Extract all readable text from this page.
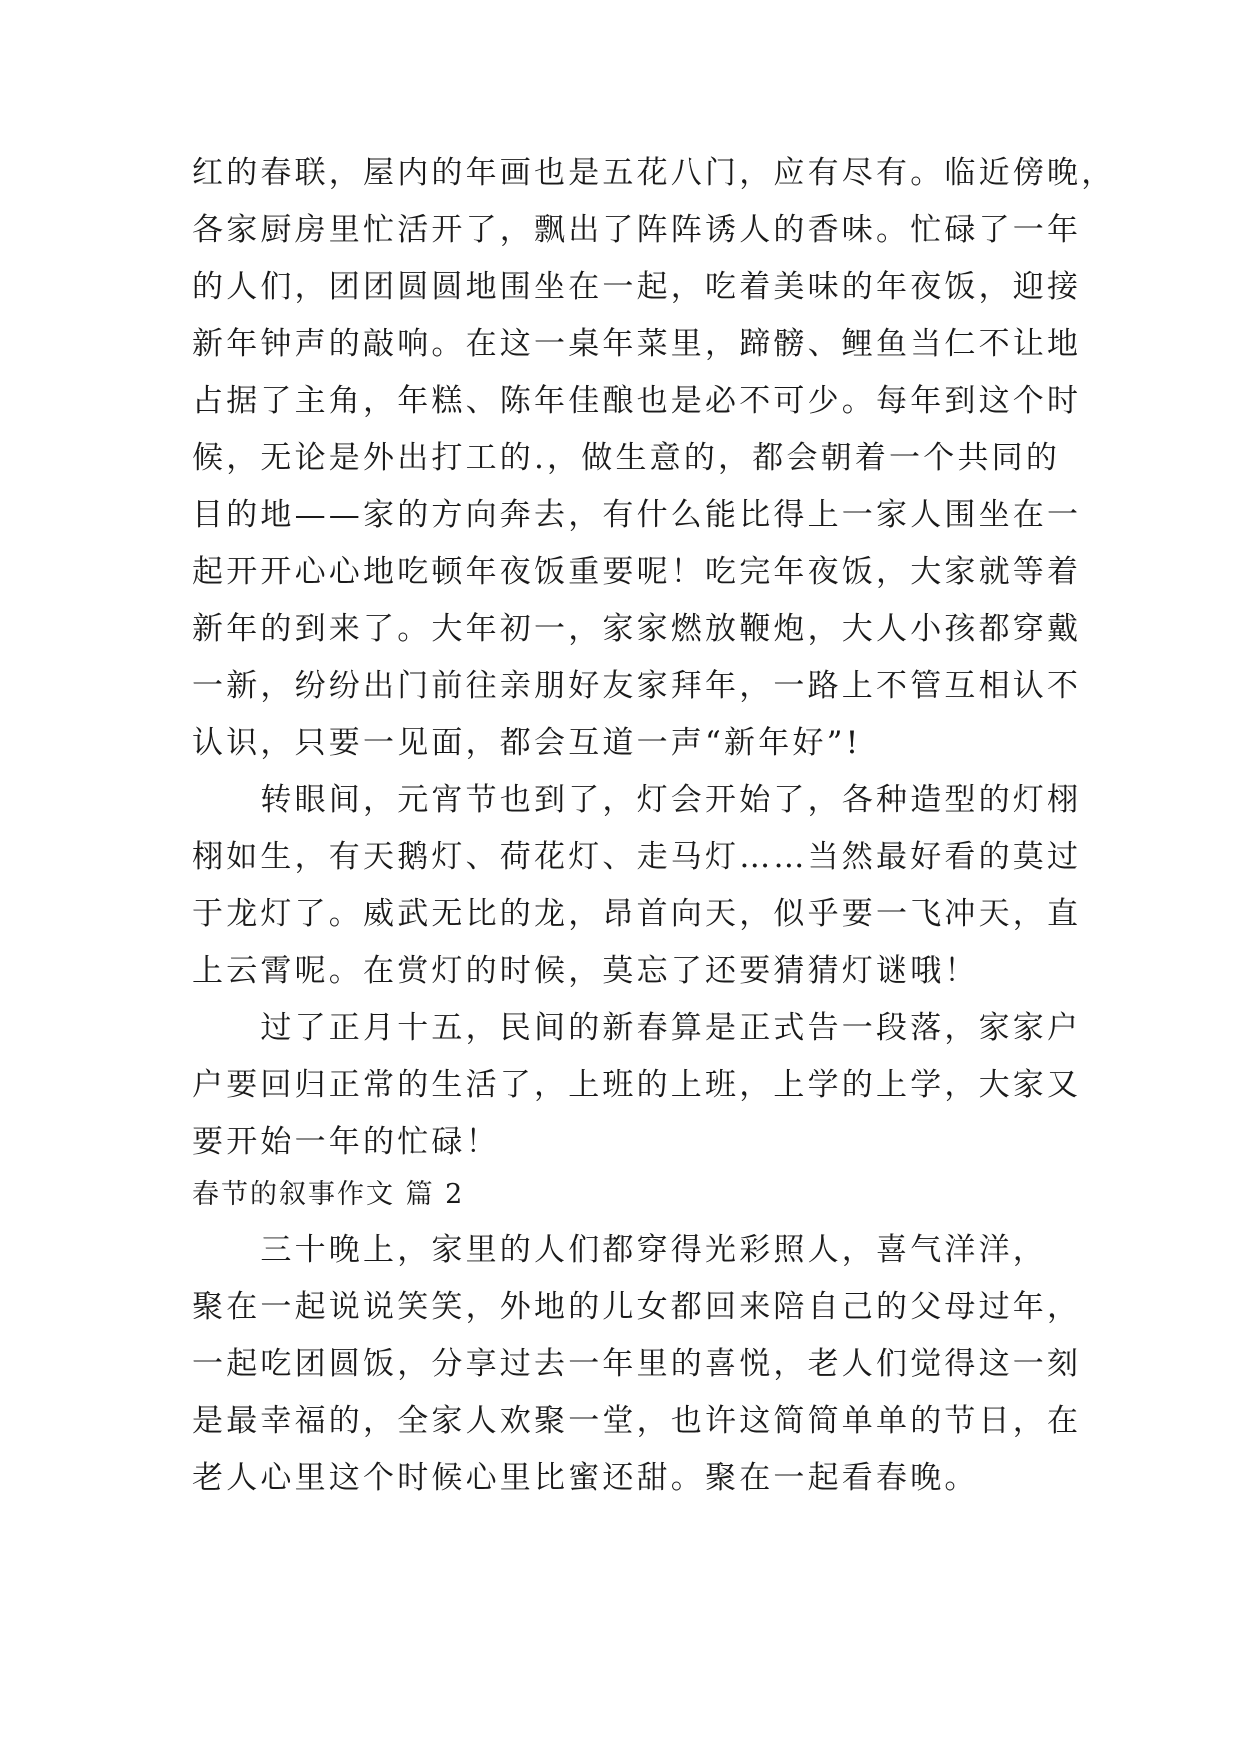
红的春联，屋内的年画也是五花八门，应有尽有。临近傍晚，

各家厨房里忙活开了，飘出了阵阵诱人的香味。忙碌了一年

的人们，团团圆圆地围坐在一起，吃着美味的年夜饭，迎接

新年钟声的敲响。在这一桌年菜里，蹄髈、鲤鱼当仁不让地

占据了主角，年糕、陈年佳酿也是必不可少。每年到这个时

候，无论是外出打工的.，做生意的，都会朝着一个共同的

目的地——家的方向奔去，有什么能比得上一家人围坐在一

起开开心心地吃顿年夜饭重要呢！吃完年夜饭，大家就等着

新年的到来了。大年初一，家家燃放鞭炮，大人小孩都穿戴

一新，纷纷出门前往亲朋好友家拜年，一路上不管互相认不

认识，只要一见面，都会互道一声“新年好”!

　　转眼间，元宵节也到了，灯会开始了，各种造型的灯栩

栩如生，有天鹅灯、荷花灯、走马灯……当然最好看的莫过

于龙灯了。威武无比的龙，昂首向天，似乎要一飞冲天，直

上云霄呢。在赏灯的时候，莫忘了还要猜猜灯谜哦！

　　过了正月十五，民间的新春算是正式告一段落，家家户

户要回归正常的生活了，上班的上班，上学的上学，大家又

要开始一年的忙碌！

春节的叙事作文 篇 2

　　三十晚上，家里的人们都穿得光彩照人，喜气洋洋，

聚在一起说说笑笑，外地的儿女都回来陪自己的父母过年，

一起吃团圆饭，分享过去一年里的喜悦，老人们觉得这一刻

是最幸福的，全家人欢聚一堂，也许这简简单单的节日，在

老人心里这个时候心里比蜜还甜。聚在一起看春晚。
